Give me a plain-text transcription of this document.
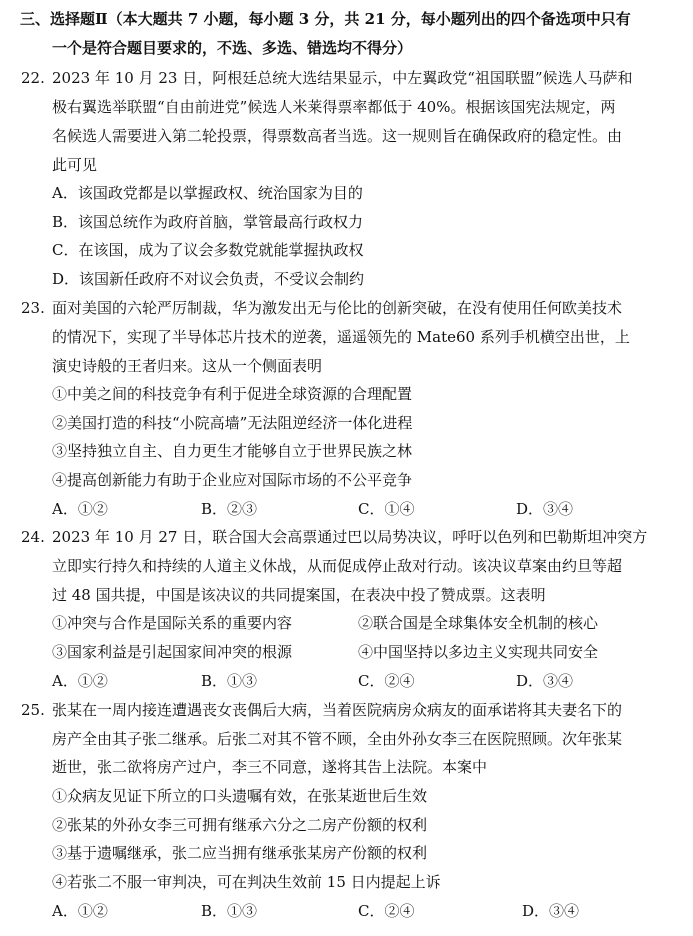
三、选择题Ⅱ（本大题共 7 小题，每小题 3 分，共 21 分，每小题列出的四个备选项中只有
一个是符合题目要求的，不选、多选、错选均不得分）
22. 2023 年 10 月 23 日，阿根廷总统大选结果显示，中左翼政党“祖国联盟”候选人马萨和
极右翼选举联盟“自由前进党”候选人米莱得票率都低于 40%。根据该国宪法规定，两
名候选人需要进入第二轮投票，得票数高者当选。这一规则旨在确保政府的稳定性。由
此可见
A．该国政党都是以掌握政权、统治国家为目的
B．该国总统作为政府首脑，掌管最高行政权力
C．在该国，成为了议会多数党就能掌握执政权
D．该国新任政府不对议会负责，不受议会制约
23. 面对美国的六轮严厉制裁，华为激发出无与伦比的创新突破，在没有使用任何欧美技术
的情况下，实现了半导体芯片技术的逆袭，遥遥领先的 Mate60 系列手机横空出世，上
演史诗般的王者归来。这从一个侧面表明
①中美之间的科技竞争有利于促进全球资源的合理配置
②美国打造的科技“小院高墙”无法阻逆经济一体化进程
③坚持独立自主、自力更生才能够自立于世界民族之林
④提高创新能力有助于企业应对国际市场的不公平竞争
A．①②	B．②③	C．①④	D．③④
24. 2023 年 10 月 27 日，联合国大会高票通过巴以局势决议，呼吁以色列和巴勒斯坦冲突方
立即实行持久和持续的人道主义休战，从而促成停止敌对行动。该决议草案由约旦等超
过 48 国共提，中国是该决议的共同提案国，在表决中投了赞成票。这表明
①冲突与合作是国际关系的重要内容	②联合国是全球集体安全机制的核心
③国家利益是引起国家间冲突的根源	④中国坚持以多边主义实现共同安全
A．①②	B．①③	C．②④	D．③④
25. 张某在一周内接连遭遇丧女丧偶后大病，当着医院病房众病友的面承诺将其夫妻名下的
房产全由其子张二继承。后张二对其不管不顾，全由外孙女李三在医院照顾。次年张某
逝世，张二欲将房产过户，李三不同意，遂将其告上法院。本案中
①众病友见证下所立的口头遗嘱有效，在张某逝世后生效
②张某的外孙女李三可拥有继承六分之二房产份额的权利
③基于遗嘱继承，张二应当拥有继承张某房产份额的权利
④若张二不服一审判决，可在判决生效前 15 日内提起上诉
A．①②	B．①③	C．②④	D．③④
